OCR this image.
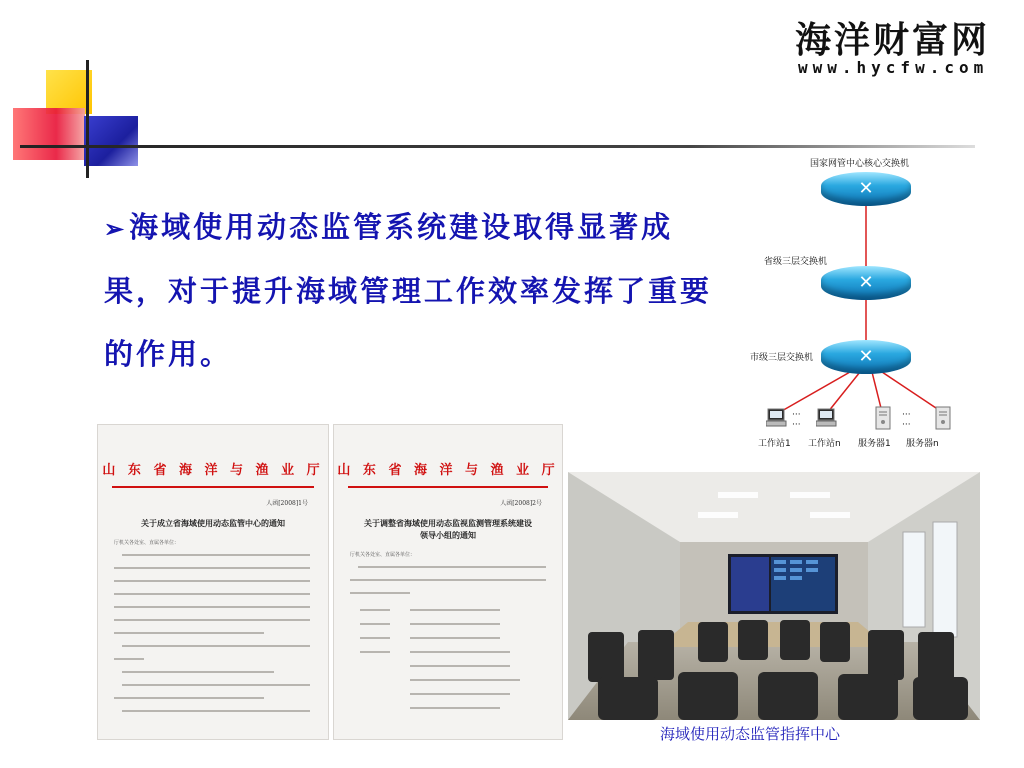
海洋财富网
www.hycfw.com
➢海域使用动态监管系统建设取得显著成果，对于提升海域管理工作效率发挥了重要的作用。
国家网管中心核心交换机
✕
省级三层交换机
✕
市级三层交换机	✕
···
···
···
···
工作站1 工作站n 服务器1 服务器n
山 东 省 海 洋 与 渔 业 厅
人函[2008]1号
关于成立省海域使用动态监管中心的通知
厅机关各处室、直属各单位：
山 东 省 海 洋 与 渔 业 厅
人函[2008]2号
关于调整省海域使用动态监视监测管理系统建设领导小组的通知
厅机关各处室、直属各单位：
海域使用动态监管指挥中心
